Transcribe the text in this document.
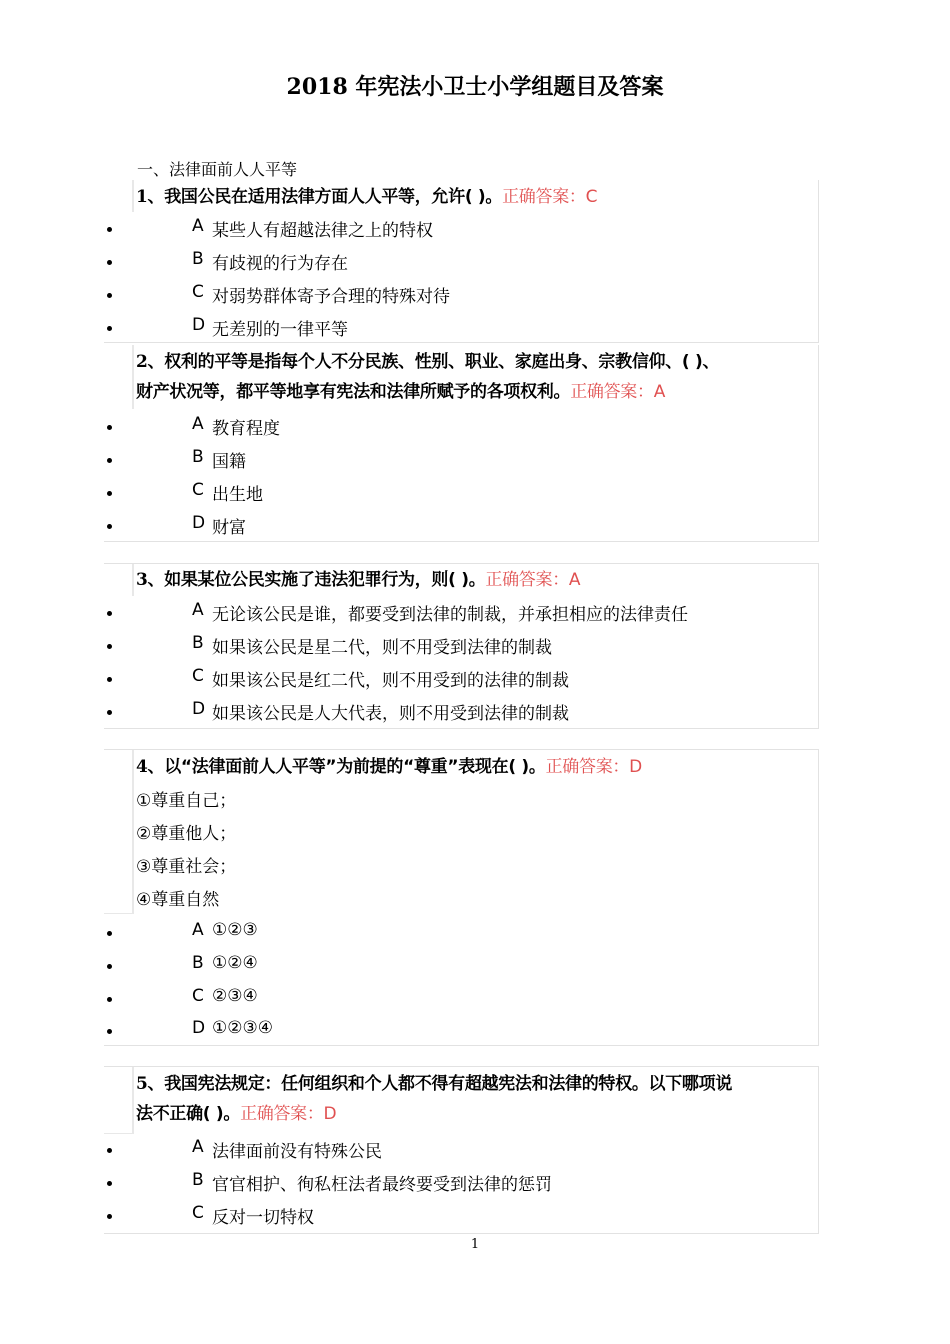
2018 年宪法小卫士小学组题目及答案
一、法律面前人人平等
1、我国公民在适用法律方面人人平等，允许( )。正确答案：C
A 某些人有超越法律之上的特权
B 有歧视的行为存在
C 对弱势群体寄予合理的特殊对待
D 无差别的一律平等
2、权利的平等是指每个人不分民族、性别、职业、家庭出身、宗教信仰、( )、
财产状况等，都平等地享有宪法和法律所赋予的各项权利。正确答案：A
A 教育程度
B 国籍
C 出生地
D 财富
3、如果某位公民实施了违法犯罪行为，则( )。正确答案：A
A 无论该公民是谁，都要受到法律的制裁，并承担相应的法律责任
B 如果该公民是星二代，则不用受到法律的制裁
C 如果该公民是红二代，则不用受到的法律的制裁
D 如果该公民是人大代表，则不用受到法律的制裁
4、以“法律面前人人平等”为前提的“尊重”表现在( )。正确答案：D
①尊重自己；
②尊重他人；
③尊重社会；
④尊重自然
A ①②③
B ①②④
C ②③④
D ①②③④
5、我国宪法规定：任何组织和个人都不得有超越宪法和法律的特权。以下哪项说
法不正确( )。正确答案：D
A 法律面前没有特殊公民
B 官官相护、徇私枉法者最终要受到法律的惩罚
C 反对一切特权
1
